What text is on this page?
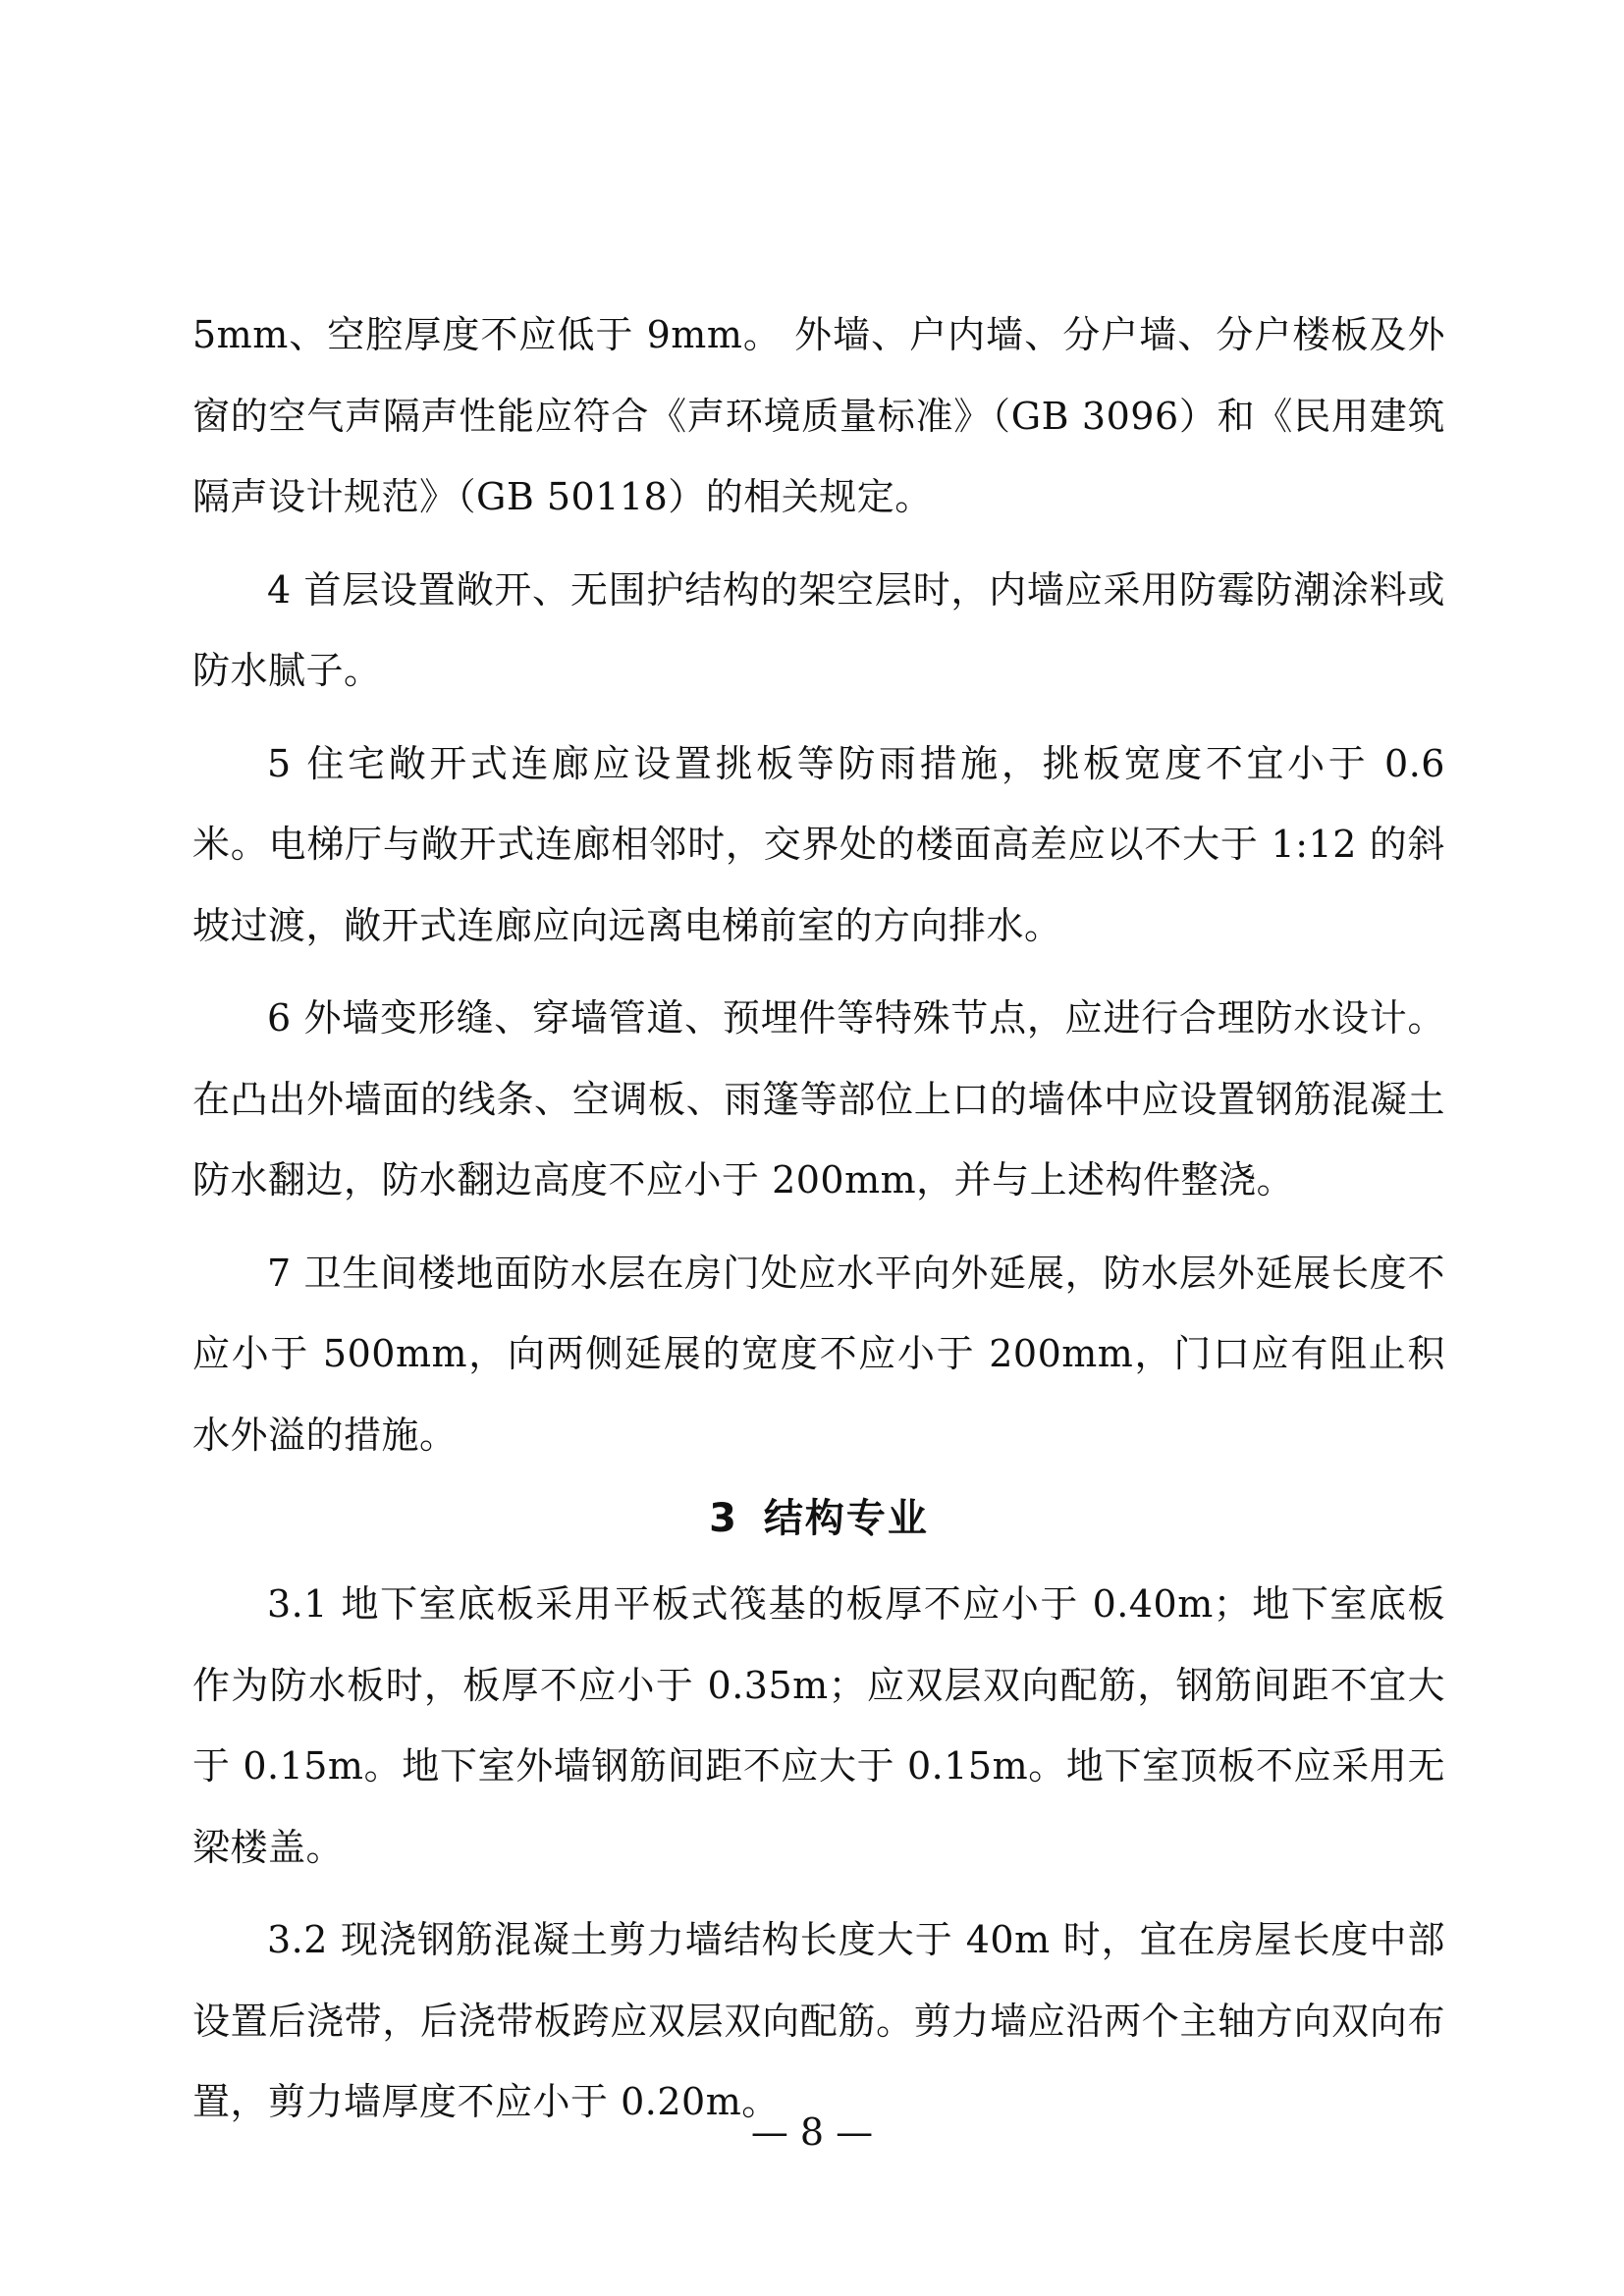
5mm、空腔厚度不应低于 9mm。 外墙、户内墙、分户墙、分户楼板及外窗的空气声隔声性能应符合《声环境质量标准》（GB 3096）和《民用建筑隔声设计规范》（GB 50118）的相关规定。

4 首层设置敞开、无围护结构的架空层时，内墙应采用防霉防潮涂料或防水腻子。

5 住宅敞开式连廊应设置挑板等防雨措施，挑板宽度不宜小于 0.6 米。电梯厅与敞开式连廊相邻时，交界处的楼面高差应以不大于 1:12 的斜坡过渡，敞开式连廊应向远离电梯前室的方向排水。

6 外墙变形缝、穿墙管道、预埋件等特殊节点，应进行合理防水设计。在凸出外墙面的线条、空调板、雨篷等部位上口的墙体中应设置钢筋混凝土防水翻边，防水翻边高度不应小于 200mm，并与上述构件整浇。

7 卫生间楼地面防水层在房门处应水平向外延展，防水层外延展长度不应小于 500mm，向两侧延展的宽度不应小于 200mm，门口应有阻止积水外溢的措施。

3 结构专业

3.1 地下室底板采用平板式筏基的板厚不应小于 0.40m；地下室底板作为防水板时，板厚不应小于 0.35m；应双层双向配筋，钢筋间距不宜大于 0.15m。地下室外墙钢筋间距不应大于 0.15m。地下室顶板不应采用无梁楼盖。

3.2 现浇钢筋混凝土剪力墙结构长度大于 40m 时，宜在房屋长度中部设置后浇带，后浇带板跨应双层双向配筋。剪力墙应沿两个主轴方向双向布置，剪力墙厚度不应小于 0.20m。

— 8 —
